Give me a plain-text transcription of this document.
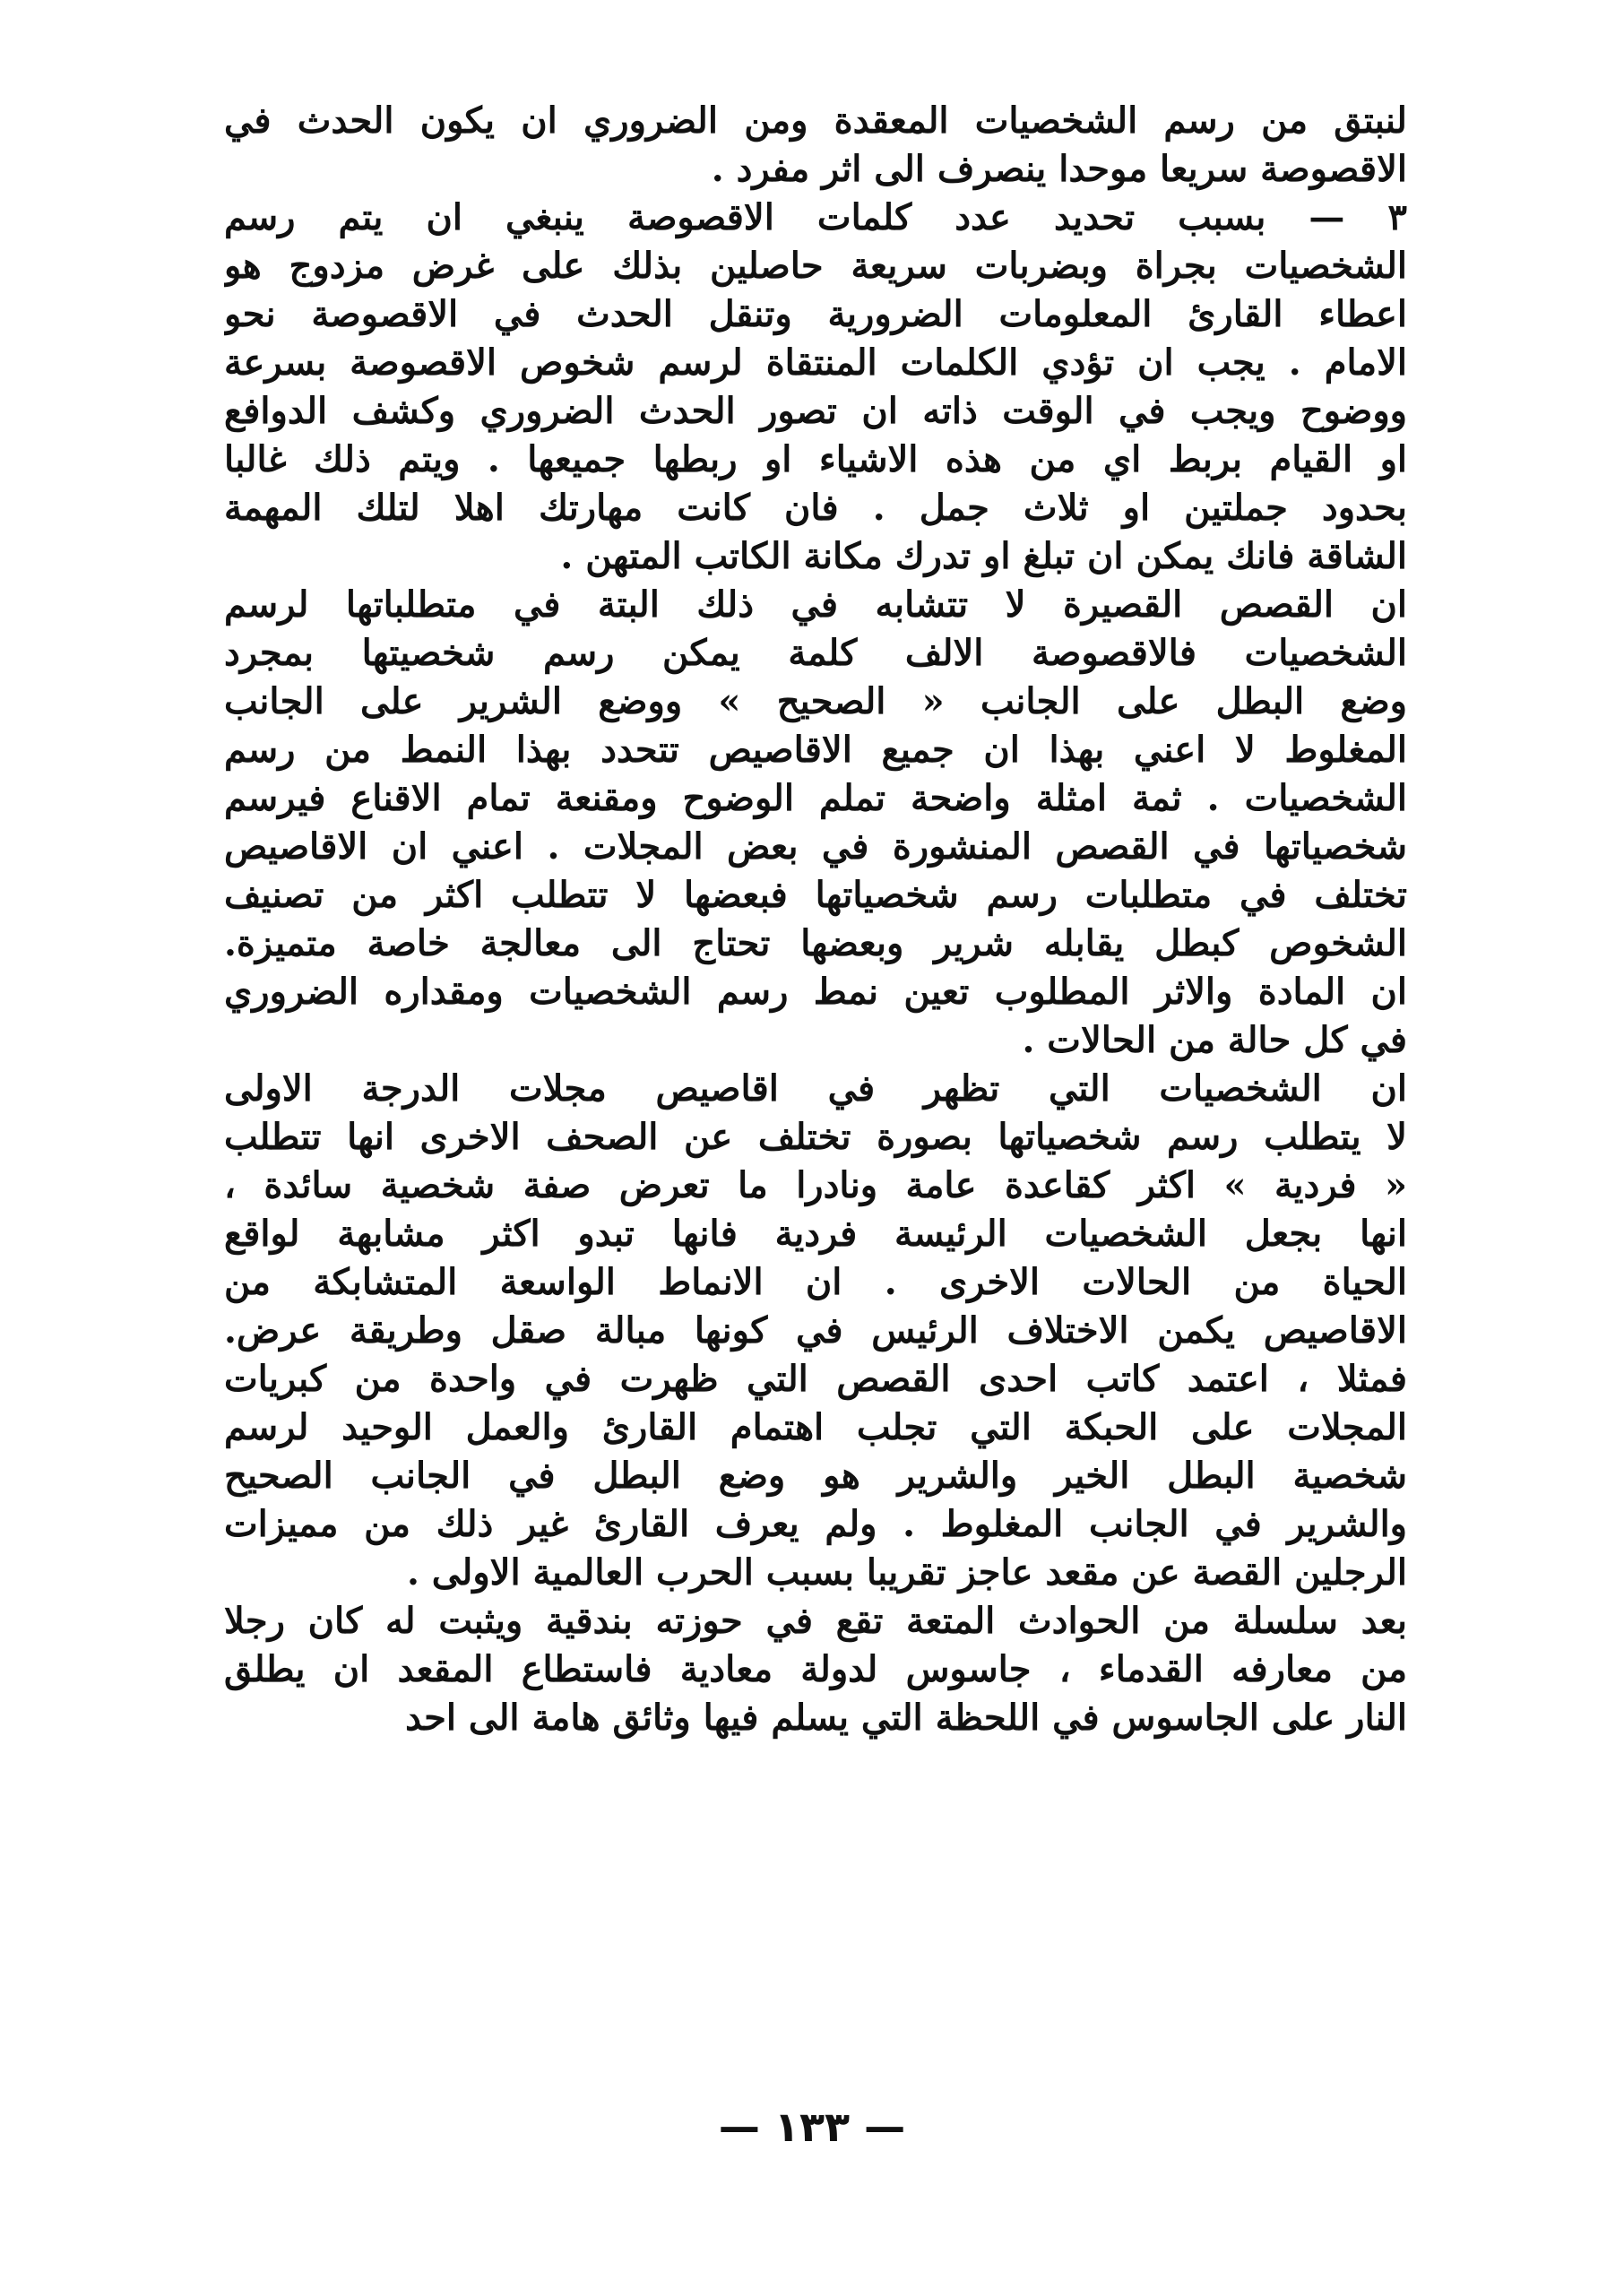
لنبتق من رسم الشخصيات المعقدة ومن الضروري ان يكون الحدث في
الاقصوصة سريعا موحدا ينصرف الى اثر مفرد .
٣ — بسبب تحديد عدد كلمات الاقصوصة ينبغي ان يتم رسم
الشخصيات بجراة وبضربات سريعة حاصلين بذلك على غرض مزدوج هو
اعطاء القارئ المعلومات الضرورية وتنقل الحدث في الاقصوصة نحو
الامام . يجب ان تؤدي الكلمات المنتقاة لرسم شخوص الاقصوصة بسرعة
ووضوح ويجب في الوقت ذاته ان تصور الحدث الضروري وكشف الدوافع
او القيام بربط اي من هذه الاشياء او ربطها جميعها . ويتم ذلك غالبا
بحدود جملتين او ثلاث جمل . فان كانت مهارتك اهلا لتلك المهمة
الشاقة فانك يمكن ان تبلغ او تدرك مكانة الكاتب المتهن .
ان القصص القصيرة لا تتشابه في ذلك البتة في متطلباتها لرسم
الشخصيات فالاقصوصة الالف كلمة يمكن رسم شخصيتها بمجرد
وضع البطل على الجانب « الصحيح » ووضع الشرير على الجانب
المغلوط لا اعني بهذا ان جميع الاقاصيص تتحدد بهذا النمط من رسم
الشخصيات . ثمة امثلة واضحة تملم الوضوح ومقنعة تمام الاقناع فيرسم
شخصياتها في القصص المنشورة في بعض المجلات . اعني ان الاقاصيص
تختلف في متطلبات رسم شخصياتها فبعضها لا تتطلب اكثر من تصنيف
الشخوص كبطل يقابله شرير وبعضها تحتاج الى معالجة خاصة متميزة.
ان المادة والاثر المطلوب تعين نمط رسم الشخصيات ومقداره الضروري
في كل حالة من الحالات .
ان الشخصيات التي تظهر في اقاصيص مجلات الدرجة الاولى
لا يتطلب رسم شخصياتها بصورة تختلف عن الصحف الاخرى انها تتطلب
« فردية » اكثر كقاعدة عامة ونادرا ما تعرض صفة شخصية سائدة ،
انها بجعل الشخصيات الرئيسة فردية فانها تبدو اكثر مشابهة لواقع
الحياة من الحالات الاخرى . ان الانماط الواسعة المتشابكة من
الاقاصيص يكمن الاختلاف الرئيس في كونها مبالة صقل وطريقة عرض.
فمثلا ، اعتمد كاتب احدى القصص التي ظهرت في واحدة من كبريات
المجلات على الحبكة التي تجلب اهتمام القارئ والعمل الوحيد لرسم
شخصية البطل الخير والشرير هو وضع البطل في الجانب الصحيح
والشرير في الجانب المغلوط . ولم يعرف القارئ غير ذلك من مميزات
الرجلين القصة عن مقعد عاجز تقريبا بسبب الحرب العالمية الاولى .
بعد سلسلة من الحوادث المتعة تقع في حوزته بندقية ويثبت له كان رجلا
من معارفه القدماء ، جاسوس لدولة معادية فاستطاع المقعد ان يطلق
النار على الجاسوس في اللحظة التي يسلم فيها وثائق هامة الى احد
— ١٣٣ —
